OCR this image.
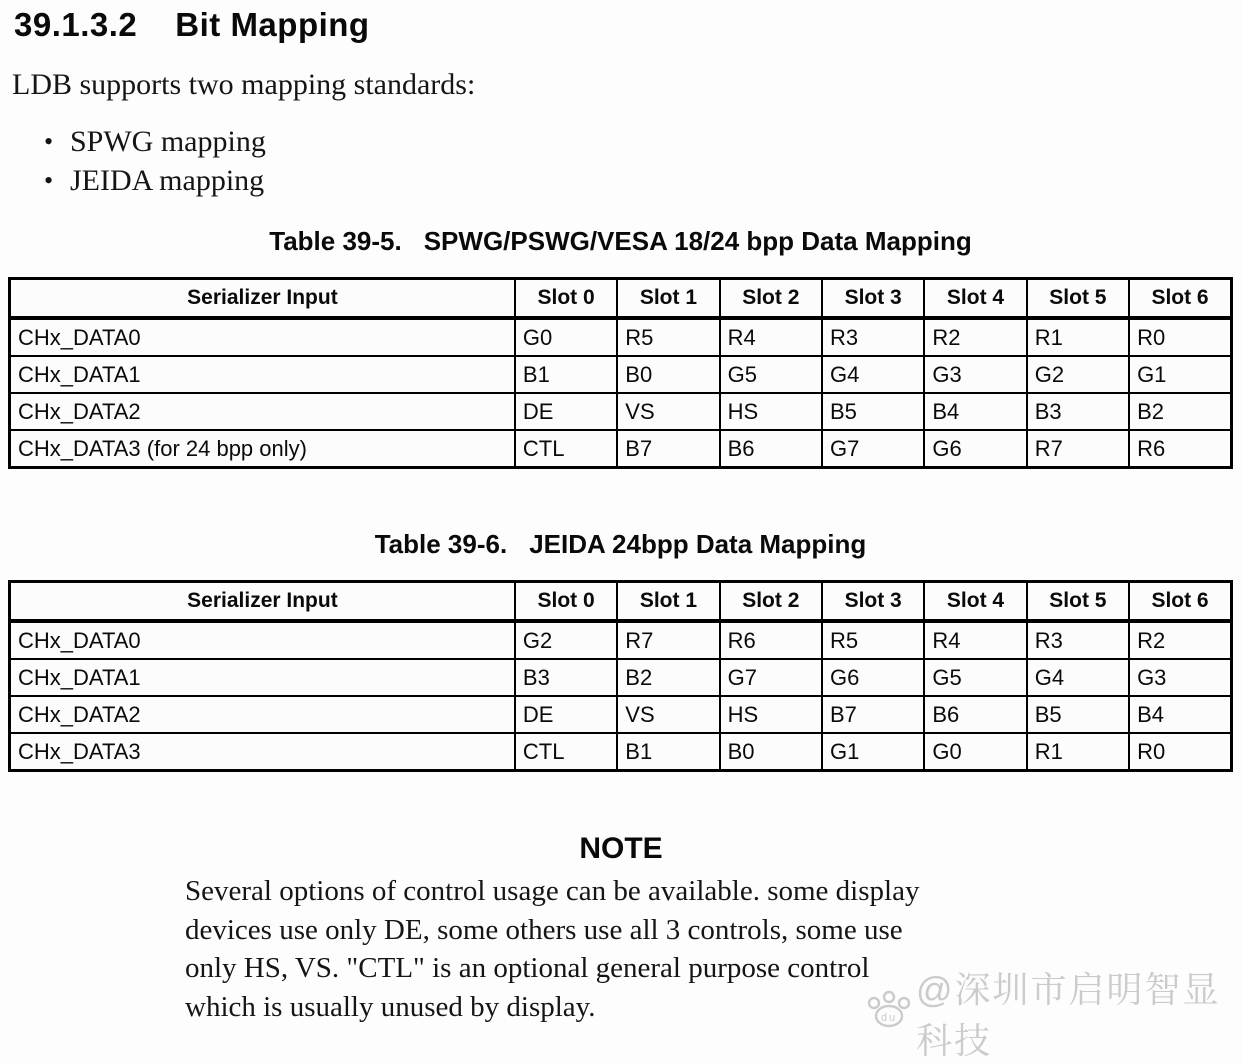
39.1.3.2 Bit Mapping
LDB supports two mapping standards:
• SPWG mapping
• JEIDA mapping
Table 39-5. SPWG/PSWG/VESA 18/24 bpp Data Mapping
Serializer Input	Slot 0	Slot 1	Slot 2	Slot 3	Slot 4	Slot 5	Slot 6
CHx_DATA0	G0	R5	R4	R3	R2	R1	R0
CHx_DATA1	B1	B0	G5	G4	G3	G2	G1
CHx_DATA2	DE	VS	HS	B5	B4	B3	B2
CHx_DATA3 (for 24 bpp only)	CTL	B7	B6	G7	G6	R7	R6
Table 39-6. JEIDA 24bpp Data Mapping
Serializer Input	Slot 0	Slot 1	Slot 2	Slot 3	Slot 4	Slot 5	Slot 6
CHx_DATA0	G2	R7	R6	R5	R4	R3	R2
CHx_DATA1	B3	B2	G7	G6	G5	G4	G3
CHx_DATA2	DE	VS	HS	B7	B6	B5	B4
CHx_DATA3	CTL	B1	B0	G1	G0	R1	R0
NOTE
Several options of control usage can be available. some display
devices use only DE, some others use all 3 controls, some use
only HS, VS. "CTL" is an optional general purpose control
which is usually unused by display.	du
@深圳市启明智显科技
